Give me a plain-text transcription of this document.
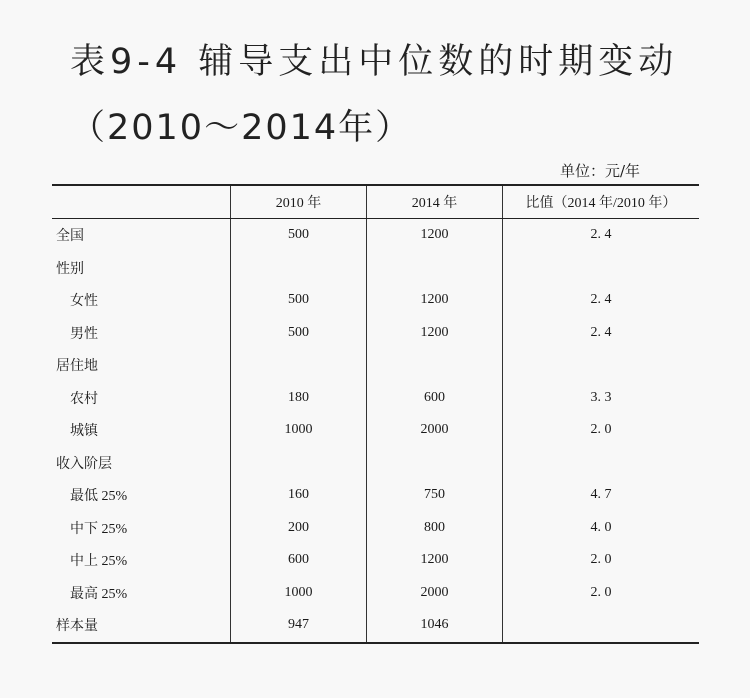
表9-4 辅导支出中位数的时期变动
（2010～2014年）
单位：元/年
	2010 年	2014 年	比值（2014 年/2010 年）
全国	500	1200	2. 4
性别			
女性	500	1200	2. 4
男性	500	1200	2. 4
居住地			
农村	180	600	3. 3
城镇	1000	2000	2. 0
收入阶层			
最低 25%	160	750	4. 7
中下 25%	200	800	4. 0
中上 25%	600	1200	2. 0
最高 25%	1000	2000	2. 0
样本量	947	1046	
